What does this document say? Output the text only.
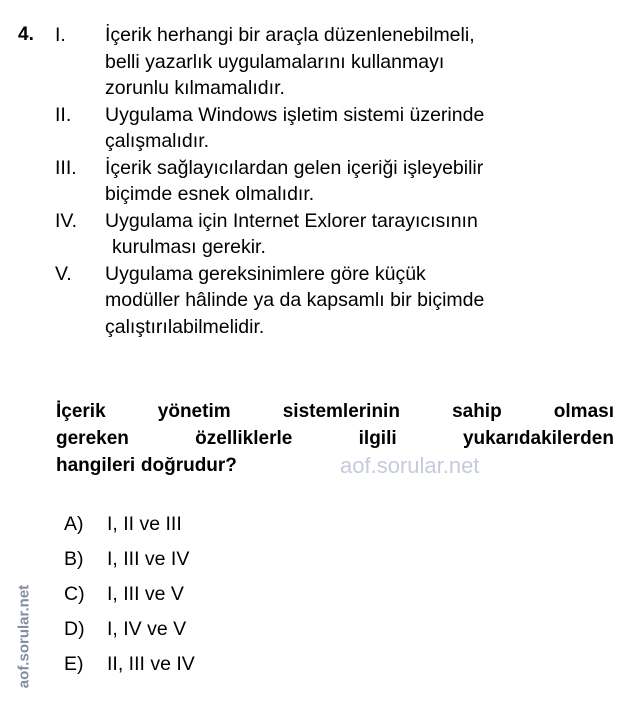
4. I.	İçerik herhangi bir araçla düzenlenebilmeli,
belli yazarlık uygulamalarını kullanmayı
zorunlu kılmamalıdır.
II.	Uygulama Windows işletim sistemi üzerinde
çalışmalıdır.
III.	İçerik sağlayıcılardan gelen içeriği işleyebilir
biçimde esnek olmalıdır.
IV.	Uygulama için Internet Exlorer tarayıcısının
kurulması gerekir.
V.	Uygulama gereksinimlere göre küçük
modüller hâlinde ya da kapsamlı bir biçimde
çalıştırılabilmelidir.
İçerik	yönetim	sistemlerinin	sahip	olması
gereken	özelliklerle	ilgili	yukarıdakilerden
hangileri doğrudur?
A)	I, II ve III
B)	I, III ve IV
C)	I, III ve V
D)	I, IV ve V
E)	II, III ve IV
aof.sorular.net
aof.sorular.net
